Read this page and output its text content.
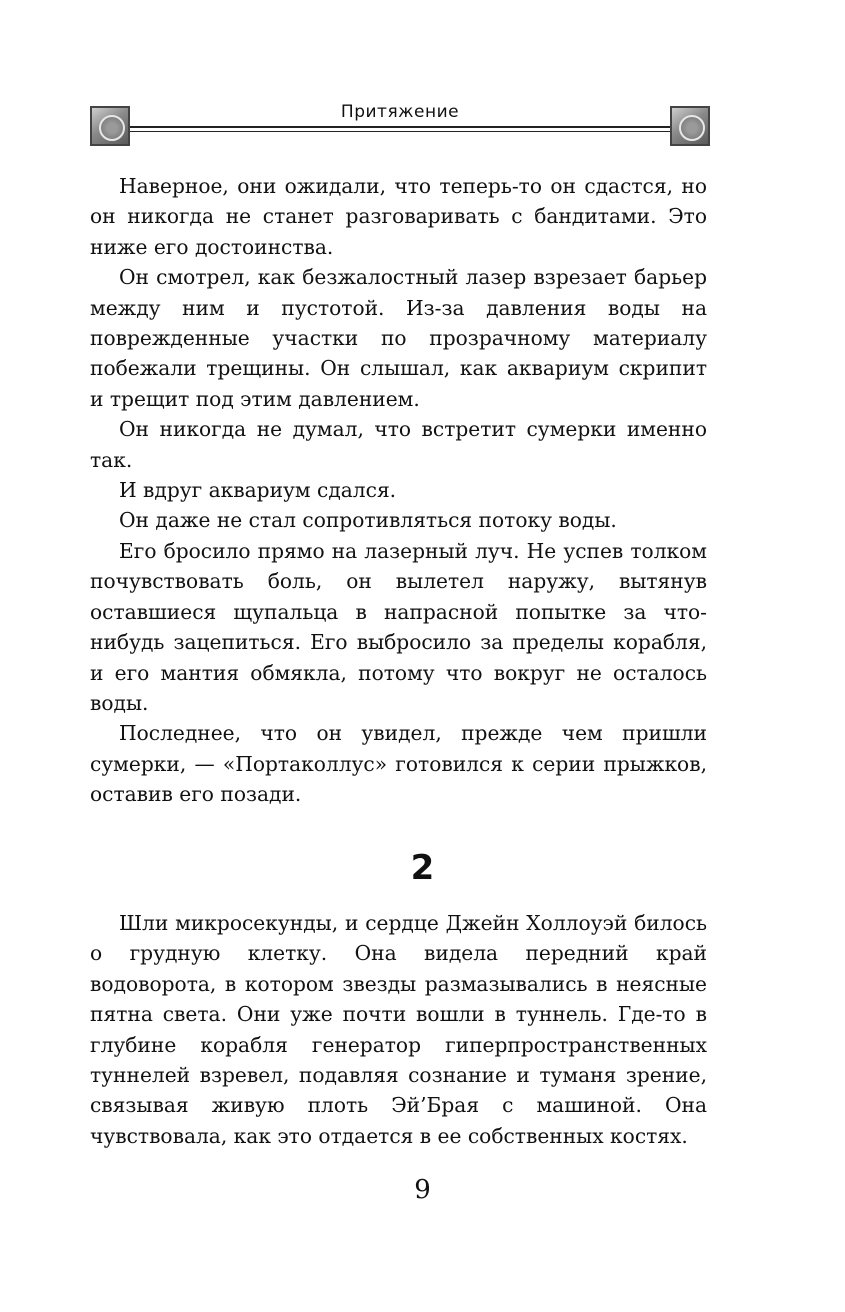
Притяжение

Наверное, они ожидали, что теперь-то он сдастся, но он никогда не станет разговаривать с бандитами. Это ниже его достоинства.

Он смотрел, как безжалостный лазер взрезает барьер между ним и пустотой. Из-за давления воды на поврежденные участки по прозрачному материалу побежали трещины. Он слышал, как аквариум скрипит и трещит под этим давлением.

Он никогда не думал, что встретит сумерки именно так.

И вдруг аквариум сдался.

Он даже не стал сопротивляться потоку воды.

Его бросило прямо на лазерный луч. Не успев толком почувствовать боль, он вылетел наружу, вытянув оставшиеся щупальца в напрасной попытке за что-нибудь зацепиться. Его выбросило за пределы корабля, и его мантия обмякла, потому что вокруг не осталось воды.

Последнее, что он увидел, прежде чем пришли сумерки, — «Портаколлус» готовился к серии прыжков, оставив его позади.

2

Шли микросекунды, и сердце Джейн Холлоуэй билось о грудную клетку. Она видела передний край водоворота, в котором звезды размазывались в неясные пятна света. Они уже почти вошли в туннель. Где-то в глубине корабля генератор гиперпространственных туннелей взревел, подавляя сознание и туманя зрение, связывая живую плоть Эй’Брая с машиной. Она чувствовала, как это отдается в ее собственных костях.

9
